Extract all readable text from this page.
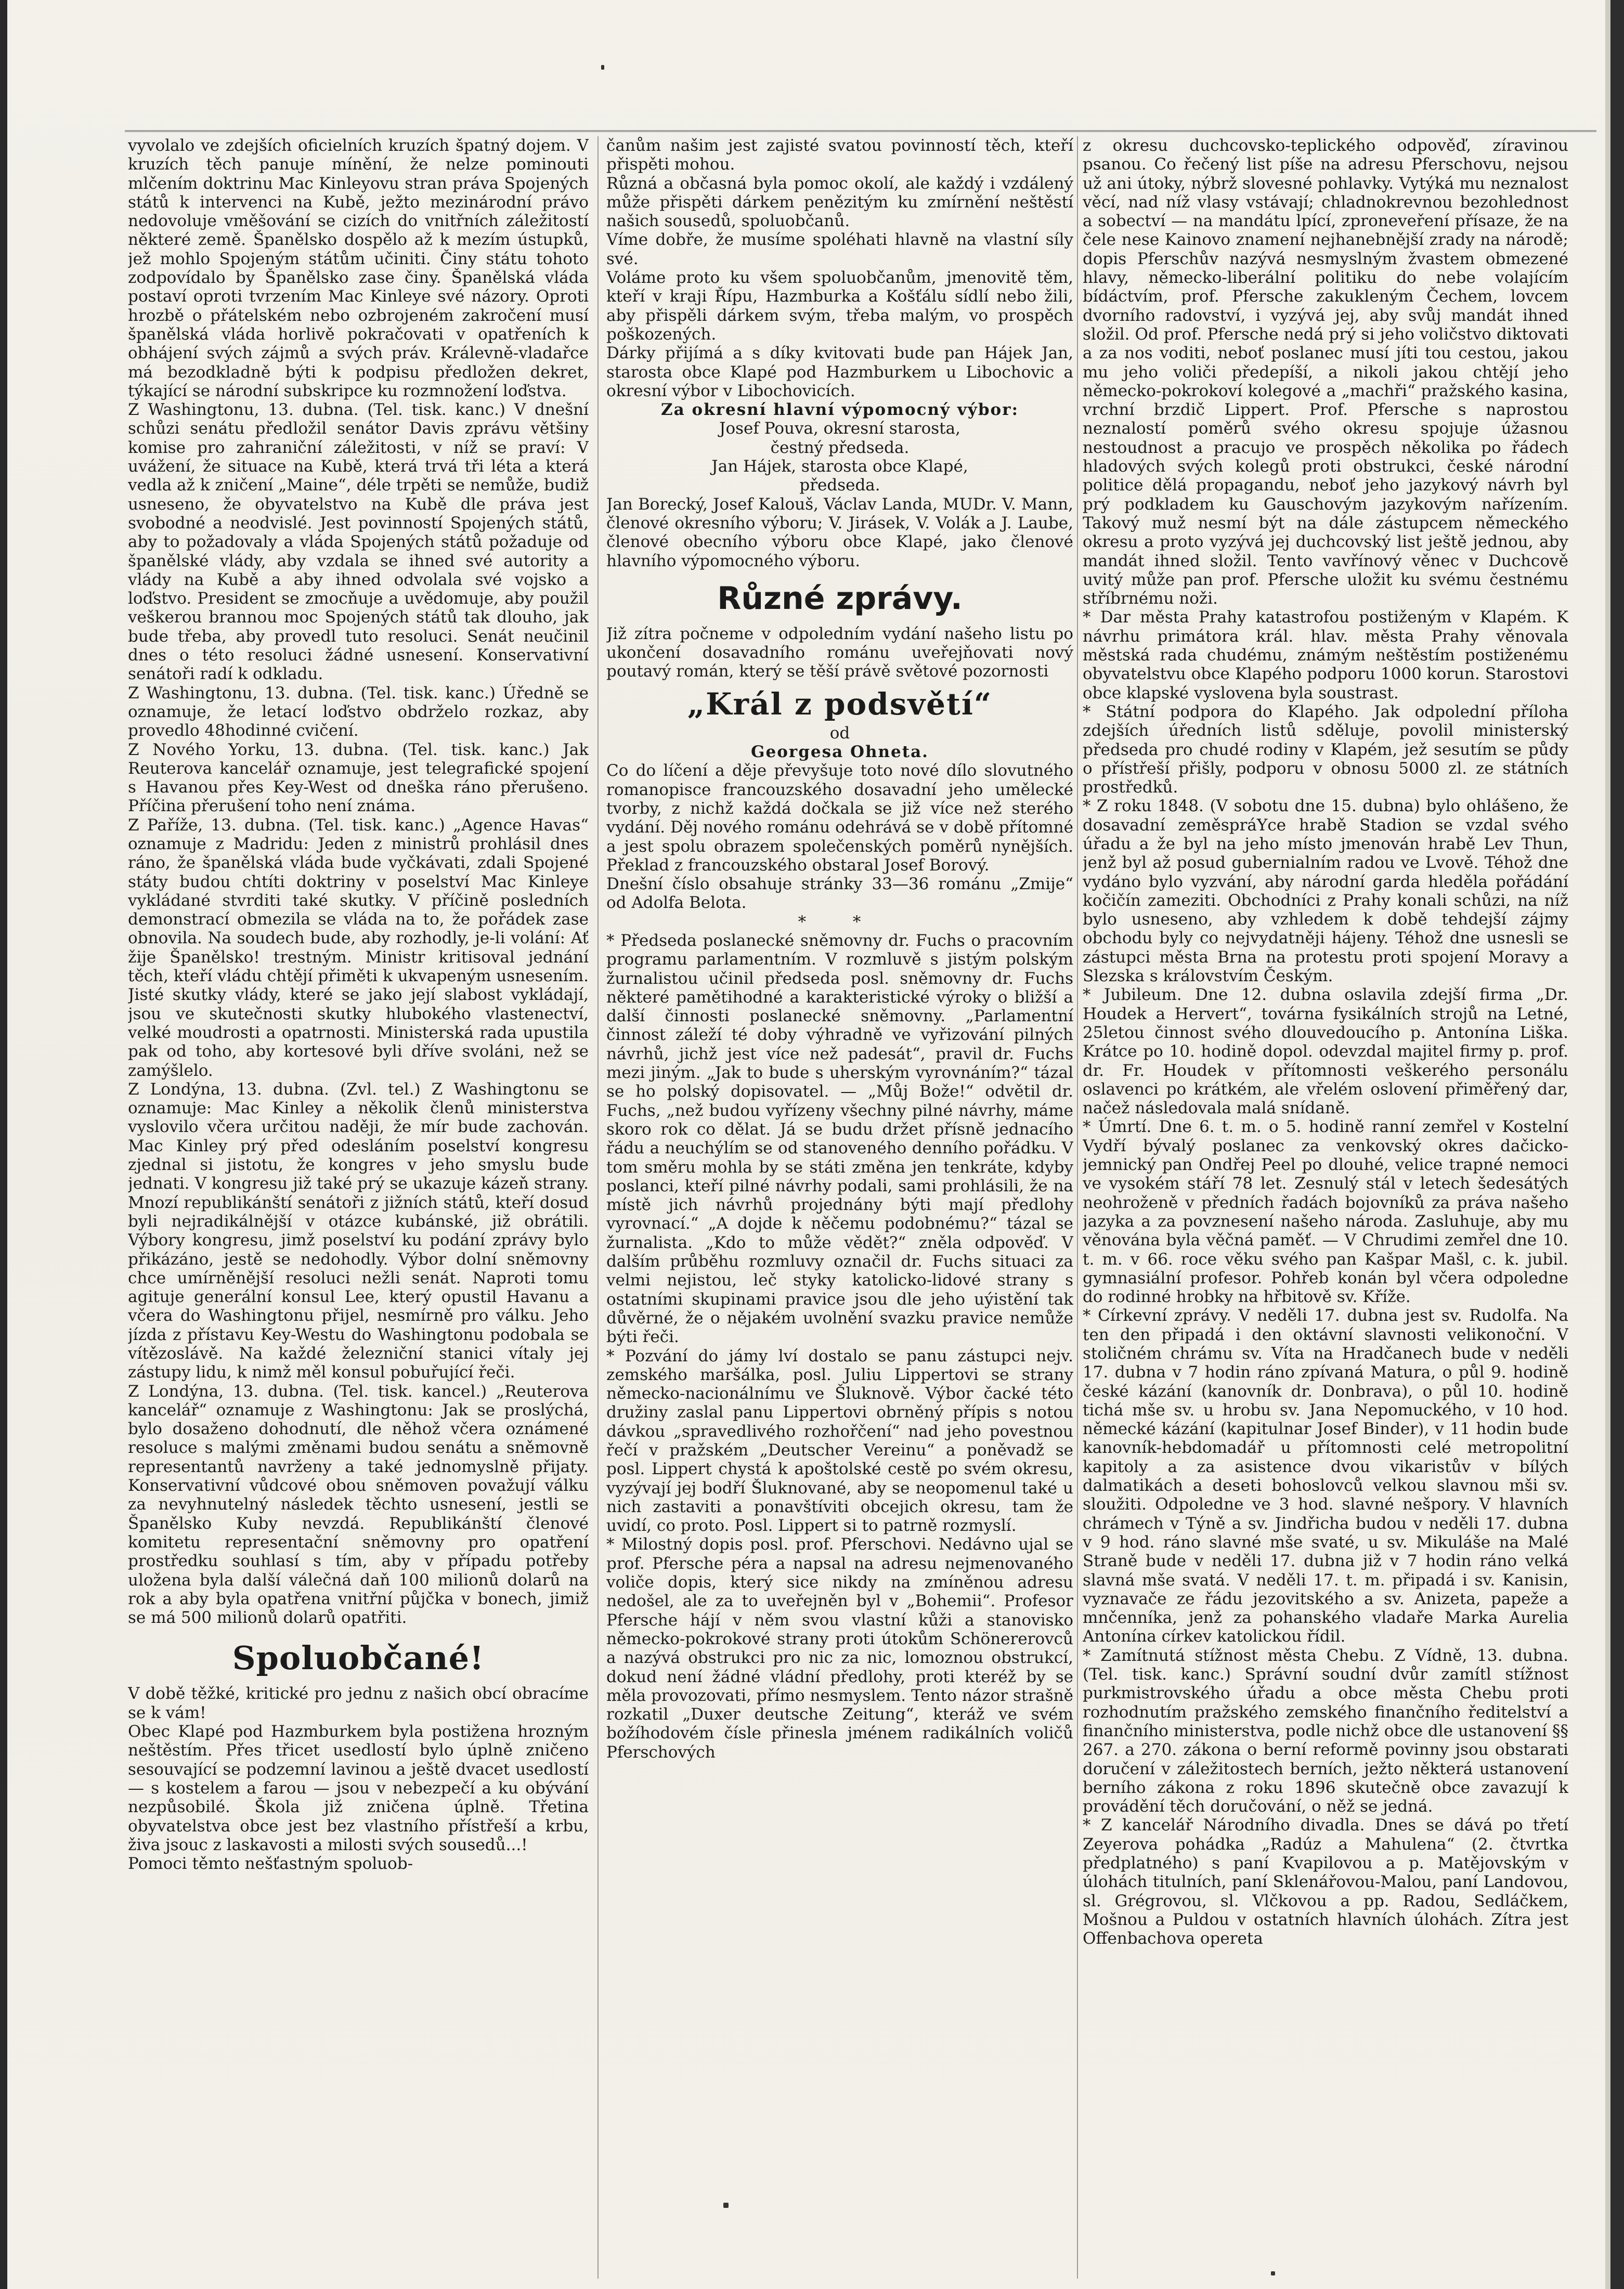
vyvolalo ve zdejších oficielních kruzích špatný dojem. V kruzích těch panuje mínění, že nelze pominouti mlčením doktrinu Mac Kinleyovu stran práva Spojených států k intervenci na Kubě, ježto mezinárodní právo nedovoluje vměšování se cizích do vnitřních záležitostí některé země. Španělsko dospělo až k mezím ústupků, jež mohlo Spojeným státům učiniti. Činy státu tohoto zodpovídalo by Španělsko zase činy. Španělská vláda postaví oproti tvrzením Mac Kinleye své názory. Oproti hrozbě o přátelském nebo ozbrojeném zakročení musí španělská vláda horlivě pokračovati v opatřeních k obhájení svých zájmů a svých práv. Králevně-vladařce má bezodkladně býti k podpisu předložen dekret, týkající se národní subskripce ku rozmnožení loďstva.

Z Washingtonu, 13. dubna. (Tel. tisk. kanc.) V dnešní schůzi senátu předložil senátor Davis zprávu většiny komise pro zahraniční záležitosti, v níž se praví: V uvážení, že situace na Kubě, která trvá tři léta a která vedla až k zničení „Maine“, déle trpěti se nemůže, budiž usneseno, že obyvatelstvo na Kubě dle práva jest svobodné a neodvislé. Jest povinností Spojených států, aby to požadovaly a vláda Spojených států požaduje od španělské vlády, aby vzdala se ihned své autority a vlády na Kubě a aby ihned odvolala své vojsko a loďstvo. President se zmocňuje a uvědomuje, aby použil veškerou brannou moc Spojených států tak dlouho, jak bude třeba, aby provedl tuto resoluci. Senát neučinil dnes o této resoluci žádné usnesení. Konservativní senátoři radí k odkladu.

Z Washingtonu, 13. dubna. (Tel. tisk. kanc.) Úředně se oznamuje, že letací loďstvo obdrželo rozkaz, aby provedlo 48hodinné cvičení.

Z Nového Yorku, 13. dubna. (Tel. tisk. kanc.) Jak Reuterova kancelář oznamuje, jest telegrafické spojení s Havanou přes Key-West od dneška ráno přerušeno. Příčina přerušení toho není známa.

Z Paříže, 13. dubna. (Tel. tisk. kanc.) „Agence Havas“ oznamuje z Madridu: Jeden z ministrů prohlásil dnes ráno, že španělská vláda bude vyčkávati, zdali Spojené státy budou chtíti doktriny v poselství Mac Kinleye vykládané stvrditi také skutky. V příčině posledních demonstrací obmezila se vláda na to, že pořádek zase obnovila. Na soudech bude, aby rozhodly, je-li volání: Ať žije Španělsko! trestným. Ministr kritisoval jednání těch, kteří vládu chtějí přiměti k ukvapeným usnesením. Jisté skutky vlády, které se jako její slabost vykládají, jsou ve skutečnosti skutky hlubokého vlastenectví, velké moudrosti a opatrnosti. Ministerská rada upustila pak od toho, aby kortesové byli dříve svoláni, než se zamýšlelo.

Z Londýna, 13. dubna. (Zvl. tel.) Z Washingtonu se oznamuje: Mac Kinley a několik členů ministerstva vyslovilo včera určitou naději, že mír bude zachován. Mac Kinley prý před odesláním poselství kongresu zjednal si jistotu, že kongres v jeho smyslu bude jednati. V kongresu již také prý se ukazuje kázeň strany. Mnozí republikánští senátoři z jižních států, kteří dosud byli nejradikálnější v otázce kubánské, již obrátili. Výbory kongresu, jimž poselství ku podání zprávy bylo přikázáno, jestě se nedohodly. Výbor dolní sněmovny chce umírněnější resoluci nežli senát. Naproti tomu agituje generální konsul Lee, který opustil Havanu a včera do Washingtonu přijel, nesmírně pro válku. Jeho jízda z přístavu Key-Westu do Washingtonu podobala se vítězoslávě. Na každé železniční stanici vítaly jej zástupy lidu, k nimž měl konsul pobuřující řeči.

Z Londýna, 13. dubna. (Tel. tisk. kancel.) „Reuterova kancelář“ oznamuje z Washingtonu: Jak se proslýchá, bylo dosaženo dohodnutí, dle něhož včera oznámené resoluce s malými změnami budou senátu a sněmovně representantů navrženy a také jednomyslně přijaty. Konservativní vůdcové obou sněmoven považují válku za nevyhnutelný následek těchto usnesení, jestli se Španělsko Kuby nevzdá. Republikánští členové komitetu representační sněmovny pro opatření prostředku souhlasí s tím, aby v případu potřeby uložena byla další válečná daň 100 milionů dolarů na rok a aby byla opatřena vnitřní půjčka v bonech, jimiž se má 500 milionů dolarů opatřiti.

Spoluobčané!

V době těžké, kritické pro jednu z našich obcí obracíme se k vám!

Obec Klapé pod Hazmburkem byla postižena hrozným neštěstím. Přes třicet usedlostí bylo úplně zničeno sesouvající se podzemní lavinou a ještě dvacet usedlostí — s kostelem a farou — jsou v nebezpečí a ku obývání nezpůsobilé. Škola již zničena úplně. Třetina obyvatelstva obce jest bez vlastního přístřeší a krbu, živa jsouc z laskavosti a milosti svých sousedů...!

Pomoci těmto nešťastným spoluob-

čanům našim jest zajisté svatou povinností těch, kteří přispěti mohou.

Různá a občasná byla pomoc okolí, ale každý i vzdálený může přispěti dárkem penězitým ku zmírnění neštěstí našich sousedů, spoluobčanů.

Víme dobře, že musíme spoléhati hlavně na vlastní síly své.

Voláme proto ku všem spoluobčanům, jmenovitě těm, kteří v kraji Řípu, Hazmburka a Košťálu sídlí nebo žili, aby přispěli dárkem svým, třeba malým, vo prospěch poškozených.

Dárky přijímá a s díky kvitovati bude pan Hájek Jan, starosta obce Klapé pod Hazmburkem u Libochovic a okresní výbor v Libochovicích.

Za okresní hlavní výpomocný výbor:

Josef Pouva, okresní starosta,

čestný předseda.

Jan Hájek, starosta obce Klapé,

předseda.

Jan Borecký, Josef Kalouš, Václav Landa, MUDr. V. Mann, členové okresního výboru; V. Jirásek, V. Volák a J. Laube, členové obecního výboru obce Klapé, jako členové hlavního výpomocného výboru.

Různé zprávy.

Již zítra počneme v odpoledním vydání našeho listu po ukončení dosavadního románu uveřejňovati nový poutavý román, který se těší právě světové pozornosti

„Král z podsvětí“

od

Georgesa Ohneta.

Co do líčení a děje převyšuje toto nové dílo slovutného romanopisce francouzského dosavadní jeho umělecké tvorby, z nichž každá dočkala se již více než sterého vydání. Děj nového románu odehrává se v době přítomné a jest spolu obrazem společenských poměrů nynějších. Překlad z francouzského obstaral Josef Borový.

Dnešní číslo obsahuje stránky 33—36 románu „Zmije“ od Adolfa Belota.

* *

* Předseda poslanecké sněmovny dr. Fuchs o pracovním programu parlamentním. V rozmluvě s jistým polským žurnalistou učinil předseda posl. sněmovny dr. Fuchs některé pamětihodné a karakteristické výroky o bližší a další činnosti poslanecké sněmovny. „Parlamentní činnost záleží té doby výhradně ve vyřizování pilných návrhů, jichž jest více než padesát“, pravil dr. Fuchs mezi jiným. „Jak to bude s uherským vyrovnáním?“ tázal se ho polský dopisovatel. — „Můj Bože!“ odvětil dr. Fuchs, „než budou vyřízeny všechny pilné návrhy, máme skoro rok co dělat. Já se budu držet přísně jednacího řádu a neuchýlím se od stanoveného denního pořádku. V tom směru mohla by se státi změna jen tenkráte, kdyby poslanci, kteří pilné návrhy podali, sami prohlásili, že na místě jich návrhů projednány býti mají předlohy vyrovnací.“ „A dojde k něčemu podobnému?“ tázal se žurnalista. „Kdo to může vědět?“ zněla odpověď. V dalším průběhu rozmluvy označil dr. Fuchs situaci za velmi nejistou, leč styky katolicko-lidové strany s ostatními skupinami pravice jsou dle jeho uýistění tak důvěrné, že o nějakém uvolnění svazku pravice nemůže býti řeči.

* Pozvání do jámy lví dostalo se panu zástupci nejv. zemského maršálka, posl. Juliu Lippertovi se strany německo-nacionálnímu ve Šluknově. Výbor čacké této družiny zaslal panu Lippertovi obrněný přípis s notou dávkou „spravedlivého rozhořčení“ nad jeho povestnou řečí v pražském „Deutscher Vereinu“ a poněvadž se posl. Lippert chystá k apoštolské cestě po svém okresu, vyzývají jej bodří Šluknované, aby se neopomenul také u nich zastaviti a ponavštíviti obcejich okresu, tam že uvidí, co proto. Posl. Lippert si to patrně rozmyslí.

* Milostný dopis posl. prof. Pferschovi. Nedávno ujal se prof. Pfersche péra a napsal na adresu nejmenovaného voliče dopis, který sice nikdy na zmíněnou adresu nedošel, ale za to uveřejněn byl v „Bohemii“. Profesor Pfersche hájí v něm svou vlastní kůži a stanovisko německo-pokrokové strany proti útokům Schönererovců a nazývá obstrukci pro nic za nic, lomoznou obstrukcí, dokud není žádné vládní předlohy, proti kteréž by se měla provozovati, přímo nesmyslem. Tento názor strašně rozkatil „Duxer deutsche Zeitung“, kteráž ve svém božíhodovém čísle přinesla jménem radikálních voličů Pferschových

z okresu duchcovsko-teplického odpověď, zíravinou psanou. Co řečený list píše na adresu Pferschovu, nejsou už ani útoky, nýbrž slovesné pohlavky. Vytýká mu neznalost věcí, nad níž vlasy vstávají; chladnokrevnou bezohlednost a sobectví — na mandátu lpící, zproneveření přísaze, že na čele nese Kainovo znamení nejhanebnější zrady na národě; dopis Pferschův nazývá nesmyslným žvastem obmezené hlavy, německo-liberální politiku do nebe volajícím bídáctvím, prof. Pfersche zakukleným Čechem, lovcem dvorního radovství, i vyzývá jej, aby svůj mandát ihned složil. Od prof. Pfersche nedá prý si jeho voličstvo diktovati a za nos voditi, neboť poslanec musí jíti tou cestou, jakou mu jeho voliči předepíší, a nikoli jakou chtějí jeho německo-pokrokoví kolegové a „machři“ pražského kasina, vrchní brzdič Lippert. Prof. Pfersche s naprostou neznalostí poměrů svého okresu spojuje úžasnou nestoudnost a pracujo ve prospěch několika po řádech hladových svých kolegů proti obstrukci, české národní politice dělá propagandu, neboť jeho jazykový návrh byl prý podkladem ku Gauschovým jazykovým nařízením. Takový muž nesmí být na dále zástupcem německého okresu a proto vyzývá jej duchcovský list ještě jednou, aby mandát ihned složil. Tento vavřínový věnec v Duchcově uvitý může pan prof. Pfersche uložit ku svému čestnému stříbrnému noži.

* Dar města Prahy katastrofou postiženým v Klapém. K návrhu primátora král. hlav. města Prahy věnovala městská rada chudému, známým neštěstím postiženému obyvatelstvu obce Klapého podporu 1000 korun. Starostovi obce klapské vyslovena byla soustrast.

* Státní podpora do Klapého. Jak odpolední příloha zdejších úředních listů sděluje, povolil ministerský předseda pro chudé rodiny v Klapém, jež sesutím se půdy o přístřeší přišly, podporu v obnosu 5000 zl. ze státních prostředků.

* Z roku 1848. (V sobotu dne 15. dubna) bylo ohlášeno, že dosavadní zeměspráYce hrabě Stadion se vzdal svého úřadu a že byl na jeho místo jmenován hrabě Lev Thun, jenž byl až posud gubernialním radou ve Lvově. Téhož dne vydáno bylo vyzvání, aby národní garda hleděla pořádání kočičín zameziti. Obchodníci z Prahy konali schůzi, na níž bylo usneseno, aby vzhledem k době tehdejší zájmy obchodu byly co nejvydatněji hájeny. Téhož dne usnesli se zástupci města Brna na protestu proti spojení Moravy a Slezska s královstvím Českým.

* Jubileum. Dne 12. dubna oslavila zdejší firma „Dr. Houdek a Hervert“, továrna fysikálních strojů na Letné, 25letou činnost svého dlouvedoucího p. Antonína Liška. Krátce po 10. hodině dopol. odevzdal majitel firmy p. prof. dr. Fr. Houdek v přítomnosti veškerého personálu oslavenci po krátkém, ale vřelém oslovení přiměřený dar, načež následovala malá snídaně.

* Úmrtí. Dne 6. t. m. o 5. hodině ranní zemřel v Kostelní Vydří bývalý poslanec za venkovský okres dačicko-jemnický pan Ondřej Peel po dlouhé, velice trapné nemoci ve vysokém stáří 78 let. Zesnulý stál v letech šedesátých neohroženě v předních řadách bojovníků za práva našeho jazyka a za povznesení našeho národa. Zasluhuje, aby mu věnována byla věčná paměť. — V Chrudimi zemřel dne 10. t. m. v 66. roce věku svého pan Kašpar Mašl, c. k. jubil. gymnasiální profesor. Pohřeb konán byl včera odpoledne do rodinné hrobky na hřbitově sv. Kříže.

* Církevní zprávy. V neděli 17. dubna jest sv. Rudolfa. Na ten den připadá i den oktávní slavnosti velikonoční. V stoličném chrámu sv. Víta na Hradčanech bude v neděli 17. dubna v 7 hodin ráno zpívaná Matura, o půl 9. hodině české kázání (kanovník dr. Donbrava), o půl 10. hodině tichá mše sv. u hrobu sv. Jana Nepomuckého, v 10 hod. německé kázání (kapitulnar Josef Binder), v 11 hodin bude kanovník-hebdomadář u přítomnosti celé metropolitní kapitoly a za asistence dvou vikaristův v bílých dalmatikách a deseti bohoslovců velkou slavnou mši sv. sloužiti. Odpoledne ve 3 hod. slavné nešpory. V hlavních chrámech v Týně a sv. Jindřicha budou v neděli 17. dubna v 9 hod. ráno slavné mše svaté, u sv. Mikuláše na Malé Straně bude v neděli 17. dubna již v 7 hodin ráno velká slavná mše svatá. V neděli 17. t. m. připadá i sv. Kanisin, vyznavače ze řádu jezovitského a sv. Anizeta, papeže a mnčenníka, jenž za pohanského vladaře Marka Aurelia Antonína církev katolickou řídil.

* Zamítnutá stížnost města Chebu. Z Vídně, 13. dubna. (Tel. tisk. kanc.) Správní soudní dvůr zamítl stížnost purkmistrovského úřadu a obce města Chebu proti rozhodnutím pražského zemského finančního ředitelství a finančního ministerstva, podle nichž obce dle ustanovení §§ 267. a 270. zákona o berní reformě povinny jsou obstarati doručení v záležitostech berních, ježto některá ustanovení berního zákona z roku 1896 skutečně obce zavazují k provádění těch doručování, o něž se jedná.

* Z kancelář Národního divadla. Dnes se dává po třetí Zeyerova pohádka „Radúz a Mahulena“ (2. čtvrtka předplatného) s paní Kvapilovou a p. Matějovským v úlohách titulních, paní Sklenářovou-Malou, paní Landovou, sl. Grégrovou, sl. Vlčkovou a pp. Radou, Sedláčkem, Mošnou a Puldou v ostatních hlavních úlohách. Zítra jest Offenbachova opereta
